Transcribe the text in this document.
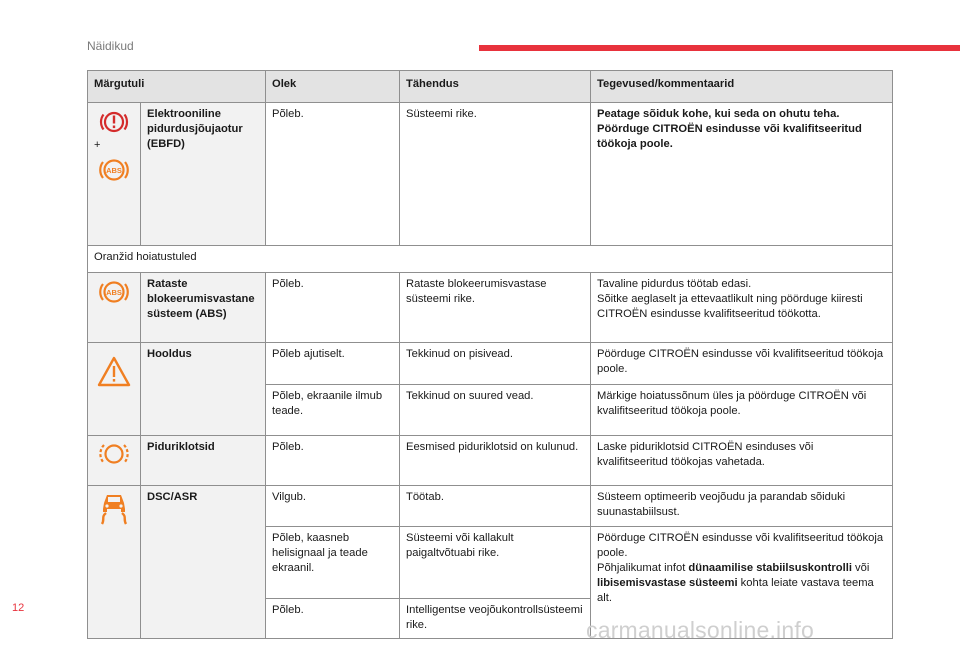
Näidikud
Märgutuli		Olek	Tähendus	Tegevused/kommentaarid

+
ABS	Elektrooniline pidurdusjõujaotur (EBFD)	Põleb.	Süsteemi rike.	Peatage sõiduk kohe, kui seda on ohutu teha. Pöörduge CITROËN esindusse või kvalifitseeritud töökoja poole.
Oranžid hoiatustuled				

ABS	Rataste blokeerumisvastane süsteem (ABS)	Põleb.	Rataste blokeerumisvastase süsteemi rike.	Tavaline pidurdus töötab edasi.
Sõitke aeglaselt ja ettevaatlikult ning pöörduge kiiresti CITROËN esindusse kvalifitseeritud töökotta.

	Hooldus	Põleb ajutiselt.	Tekkinud on pisivead.	Pöörduge CITROËN esindusse või kvalifitseeritud töökoja poole.
		Põleb, ekraanile ilmub teade.	Tekkinud on suured vead.	Märkige hoiatussõnum üles ja pöörduge CITROËN või kvalifitseeritud töökoja poole.

	Piduriklotsid	Põleb.	Eesmised piduriklotsid on kulunud.	Laske piduriklotsid CITROËN esinduses või kvalifitseeritud töökojas vahetada.

	DSC/ASR	Vilgub.	Töötab.	Süsteem optimeerib veojõudu ja parandab sõiduki suunastabiilsust.
		Põleb, kaasneb helisignaal ja teade ekraanil.	Süsteemi või kallakult paigaltvõtuabi rike.	Pöörduge CITROËN esindusse või kvalifitseeritud töökoja poole.
Põhjalikumat infot dünaamilise stabiilsuskontrolli või libisemisvastase süsteemi kohta leiate vastava teema alt.

		Põleb.	Intelligentse veojõukontrollsüsteemi rike.	
12
carmanualsonline.info
